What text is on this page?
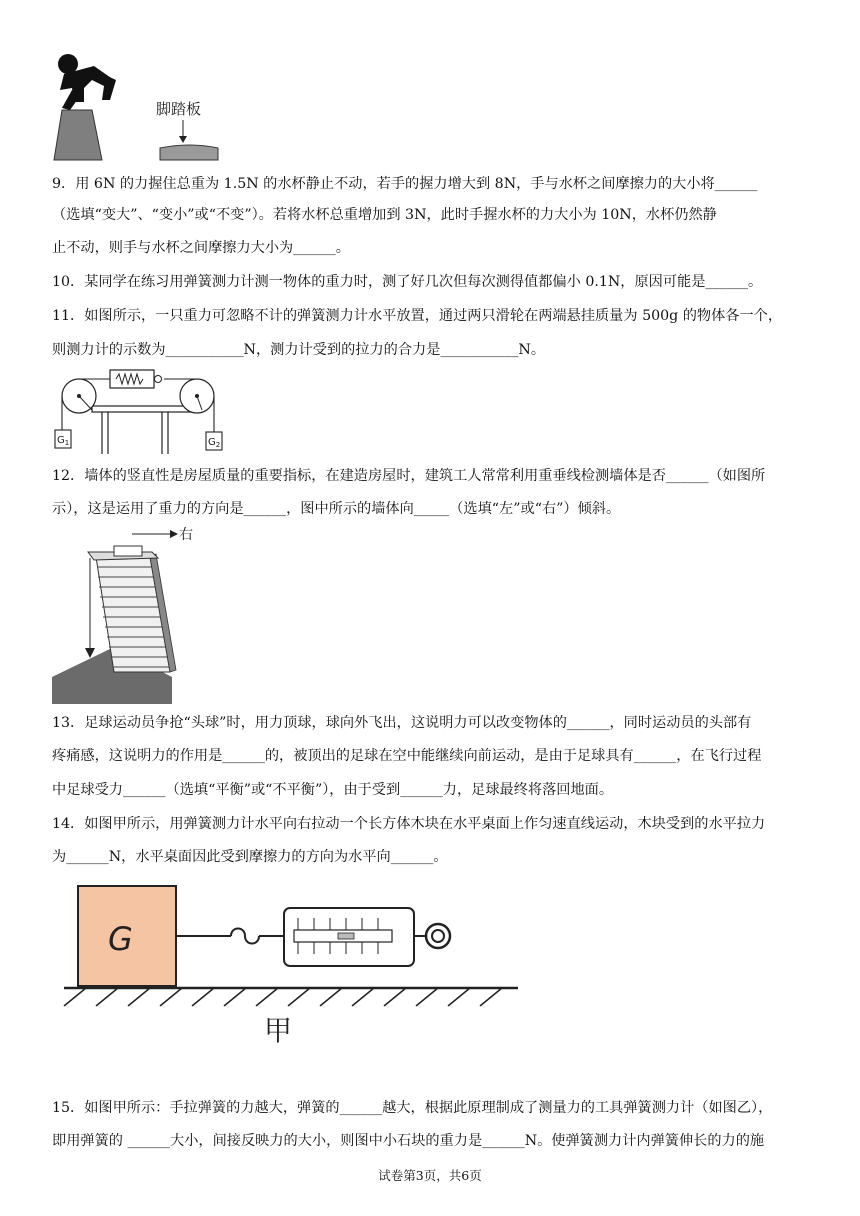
脚踏板
9．用 6N 的力握住总重为 1.5N 的水杯静止不动，若手的握力增大到 8N，手与水杯之间摩擦力的大小将______
（选填“变大”、“变小”或“不变”）。若将水杯总重增加到 3N，此时手握水杯的力大小为 10N，水杯仍然静
止不动，则手与水杯之间摩擦力大小为______。
10．某同学在练习用弹簧测力计测一物体的重力时，测了好几次但每次测得值都偏小 0.1N，原因可能是______。
11．如图所示，一只重力可忽略不计的弹簧测力计水平放置，通过两只滑轮在两端悬挂质量为 500g 的物体各一个，
则测力计的示数为___________N，测力计受到的拉力的合力是___________N。
$G_1$	$G_2$
12．墙体的竖直性是房屋质量的重要指标，在建造房屋时，建筑工人常常利用重垂线检测墙体是否______（如图所
示），这是运用了重力的方向是______，图中所示的墙体向_____（选填“左”或“右”）倾斜。
右
13．足球运动员争抢“头球”时，用力顶球，球向外飞出，这说明力可以改变物体的______，同时运动员的头部有
疼痛感，这说明力的作用是______的，被顶出的足球在空中能继续向前运动，是由于足球具有______，在飞行过程
中足球受力______（选填“平衡”或“不平衡”），由于受到______力，足球最终将落回地面。
14．如图甲所示，用弹簧测力计水平向右拉动一个长方体木块在水平桌面上作匀速直线运动，木块受到的水平拉力
为______N，水平桌面因此受到摩擦力的方向为水平向______。
G
甲
15．如图甲所示：手拉弹簧的力越大，弹簧的______越大，根据此原理制成了测量力的工具弹簧测力计（如图乙），
即用弹簧的 ______大小，间接反映力的大小，则图中小石块的重力是______N。使弹簧测力计内弹簧伸长的力的施
试卷第3页，共6页
